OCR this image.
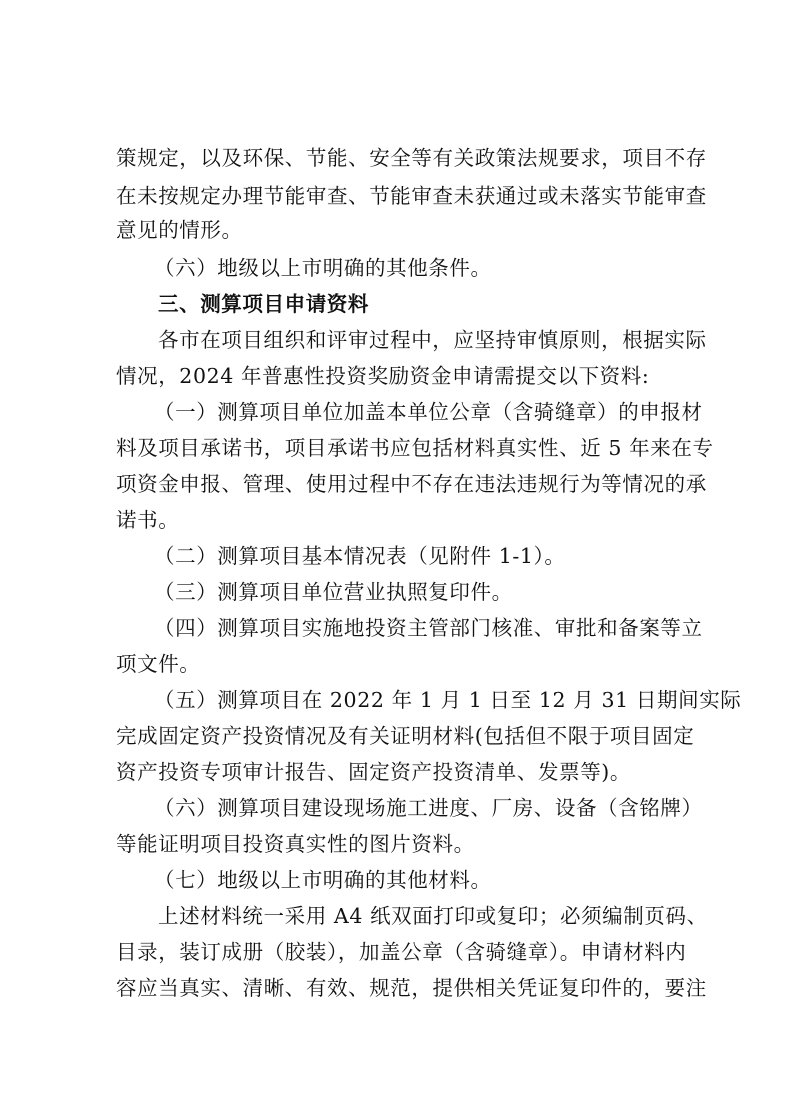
策规定，以及环保、节能、安全等有关政策法规要求，项目不存
在未按规定办理节能审查、节能审查未获通过或未落实节能审查
意见的情形。
（六）地级以上市明确的其他条件。
三、测算项目申请资料
各市在项目组织和评审过程中，应坚持审慎原则，根据实际
情况，2024 年普惠性投资奖励资金申请需提交以下资料:
（一）测算项目单位加盖本单位公章（含骑缝章）的申报材
料及项目承诺书，项目承诺书应包括材料真实性、近 5 年来在专
项资金申报、管理、使用过程中不存在违法违规行为等情况的承
诺书。
（二）测算项目基本情况表（见附件 1-1）。
（三）测算项目单位营业执照复印件。
（四）测算项目实施地投资主管部门核准、审批和备案等立
项文件。
（五）测算项目在 2022 年 1 月 1 日至 12 月 31 日期间实际
完成固定资产投资情况及有关证明材料(包括但不限于项目固定
资产投资专项审计报告、固定资产投资清单、发票等)。
（六）测算项目建设现场施工进度、厂房、设备（含铭牌）
等能证明项目投资真实性的图片资料。
（七）地级以上市明确的其他材料。
上述材料统一采用 A4 纸双面打印或复印；必须编制页码、
目录，装订成册（胶装），加盖公章（含骑缝章）。申请材料内
容应当真实、清晰、有效、规范，提供相关凭证复印件的，要注
